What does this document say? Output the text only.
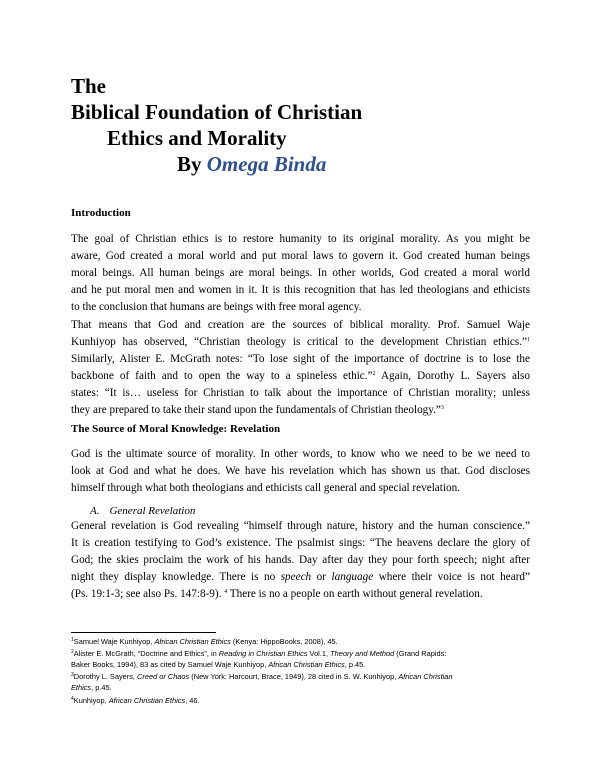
The
Biblical Foundation of Christian
Ethics and Morality
By Omega Binda
Introduction
The goal of Christian ethics is to restore humanity to its original morality. As you might be
aware, God created a moral world and put moral laws to govern it. God created human beings
moral beings. All human beings are moral beings. In other worlds, God created a moral world
and he put moral men and women in it. It is this recognition that has led theologians and ethicists
to the conclusion that humans are beings with free moral agency.
That means that God and creation are the sources of biblical morality. Prof. Samuel Waje
Kunhiyop has observed, “Christian theology is critical to the development Christian ethics.”$^1$
Similarly, Alister E. McGrath notes: “To lose sight of the importance of doctrine is to lose the
backbone of faith and to open the way to a spineless ethic.”$^2$ Again, Dorothy L. Sayers also
states: “It is… useless for Christian to talk about the importance of Christian morality; unless
they are prepared to take their stand upon the fundamentals of Christian theology.”$^3$
The Source of Moral Knowledge: Revelation
God is the ultimate source of morality. In other words, to know who we need to be we need to
look at God and what he does. We have his revelation which has shown us that. God discloses
himself through what both theologians and ethicists call general and special revelation.
A. General Revelation
General revelation is God revealing “himself through nature, history and the human conscience.”
It is creation testifying to God’s existence. The psalmist sings: “The heavens declare the glory of
God; the skies proclaim the work of his hands. Day after day they pour forth speech; night after
night they display knowledge. There is no speech or language where their voice is not heard”
(Ps. 19:1-3; see also Ps. 147:8-9). $^4$ There is no a people on earth without general revelation.
$^1$Samuel Waje Kunhiyop, African Christian Ethics (Kenya: HippoBooks, 2008), 45.
$^2$Alister E. McGrath, “Doctrine and Ethics”, in Reading in Christian Ethics Vol.1, Theory and Method (Grand Rapids:
Baker Books, 1994), 83 as cited by Samuel Waje Kunhiyop, African Christian Ethics, p.45.
$^3$Dorothy L. Sayers, Creed or Chaos (New York: Harcourt, Brace, 1949), 28 cited in S. W. Kunhiyop, African Christian
Ethics, p.45.
$^4$Kunhiyop, African Christian Ethics, 46.
